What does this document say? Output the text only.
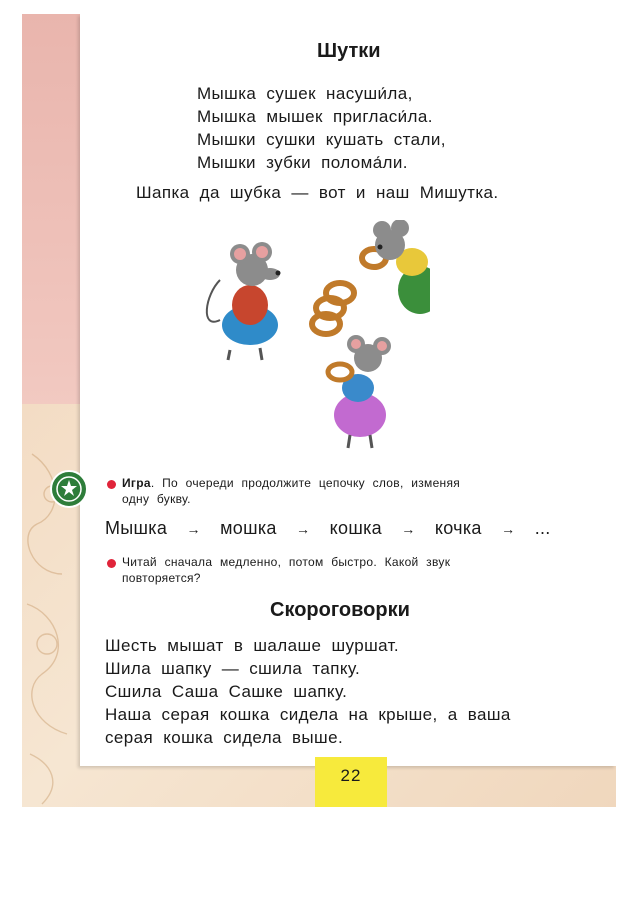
Шутки
Мышка сушек насуши́ла,
Мышка мышек пригласи́ла.
Мышки сушки кушать стали,
Мышки зубки полома́ли.
Шапка да шубка — вот и наш Мишутка.
Игра. По очереди продолжите цепочку слов, изменяя
одну букву.
Мышка → мошка → кошка → кочка → ...
Читай сначала медленно, потом быстро. Какой звук
повторяется?
Скороговорки
Шесть мышат в шалаше шуршат.
Шила шапку — сшила тапку.
Сшила Саша Сашке шапку.
Наша серая кошка сидела на крыше, а ваша
серая кошка сидела выше.
22
